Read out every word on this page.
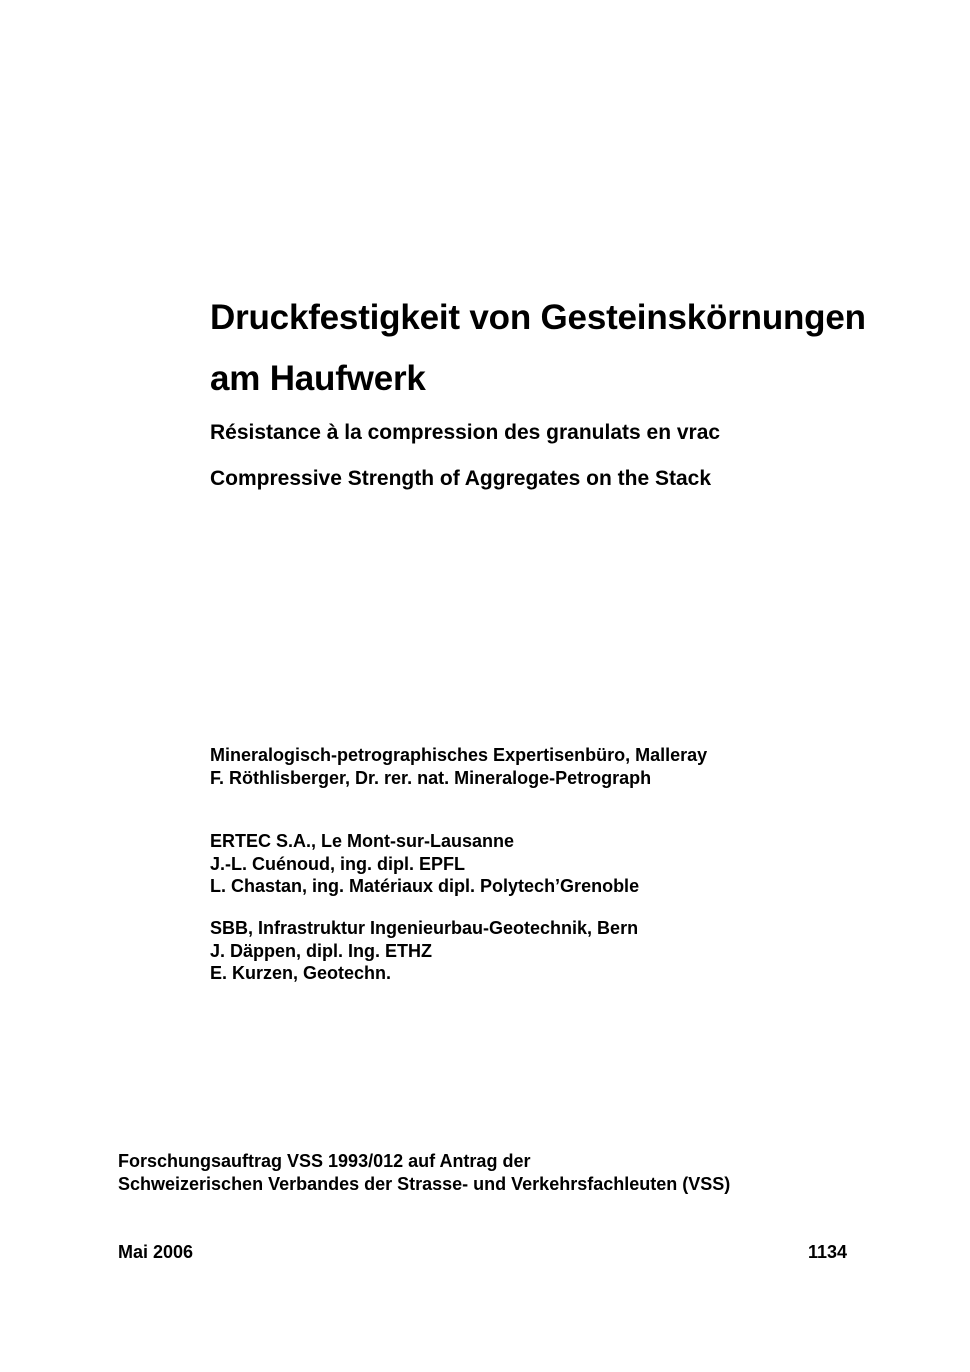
Druckfestigkeit von Gesteinskörnungen
am Haufwerk
Résistance à la compression des granulats en vrac
Compressive Strength of Aggregates on the Stack
Mineralogisch-petrographisches Expertisenbüro, Malleray
F. Röthlisberger, Dr. rer. nat. Mineraloge-Petrograph
ERTEC S.A., Le Mont-sur-Lausanne
J.-L. Cuénoud, ing. dipl. EPFL
L. Chastan, ing. Matériaux dipl. Polytech’Grenoble
SBB, Infrastruktur Ingenieurbau-Geotechnik, Bern
J. Däppen, dipl. Ing. ETHZ
E. Kurzen, Geotechn.
Forschungsauftrag VSS 1993/012 auf Antrag der
Schweizerischen Verbandes der Strasse- und Verkehrsfachleuten (VSS)
Mai 2006	1134
